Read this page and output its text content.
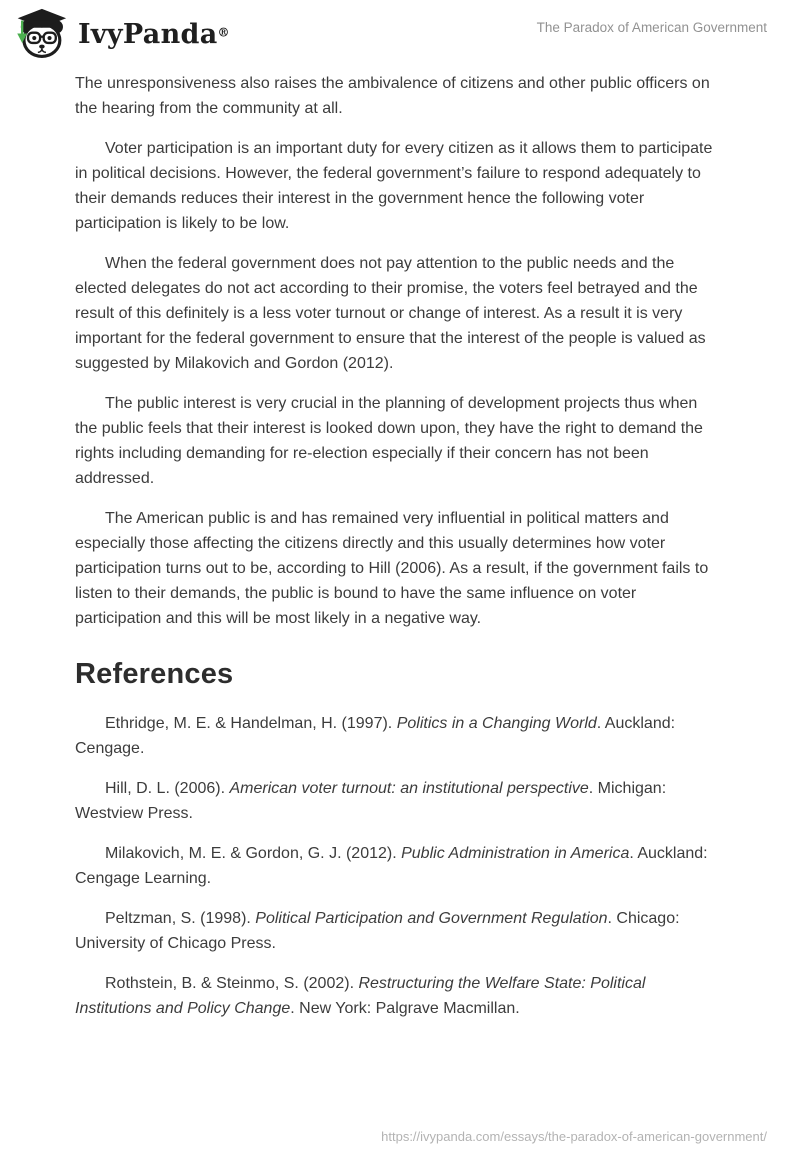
IvyPanda®	The Paradox of American Government

The unresponsiveness also raises the ambivalence of citizens and other public officers on the hearing from the community at all.

Voter participation is an important duty for every citizen as it allows them to participate in political decisions. However, the federal government’s failure to respond adequately to their demands reduces their interest in the government hence the following voter participation is likely to be low.

When the federal government does not pay attention to the public needs and the elected delegates do not act according to their promise, the voters feel betrayed and the result of this definitely is a less voter turnout or change of interest. As a result it is very important for the federal government to ensure that the interest of the people is valued as suggested by Milakovich and Gordon (2012).

The public interest is very crucial in the planning of development projects thus when the public feels that their interest is looked down upon, they have the right to demand the rights including demanding for re-election especially if their concern has not been addressed.

The American public is and has remained very influential in political matters and especially those affecting the citizens directly and this usually determines how voter participation turns out to be, according to Hill (2006). As a result, if the government fails to listen to their demands, the public is bound to have the same influence on voter participation and this will be most likely in a negative way.

References

Ethridge, M. E. & Handelman, H. (1997). Politics in a Changing World. Auckland: Cengage.

Hill, D. L. (2006). American voter turnout: an institutional perspective. Michigan: Westview Press.

Milakovich, M. E. & Gordon, G. J. (2012). Public Administration in America. Auckland: Cengage Learning.

Peltzman, S. (1998). Political Participation and Government Regulation. Chicago: University of Chicago Press.

Rothstein, B. & Steinmo, S. (2002). Restructuring the Welfare State: Political Institutions and Policy Change. New York: Palgrave Macmillan.

https://ivypanda.com/essays/the-paradox-of-american-government/
